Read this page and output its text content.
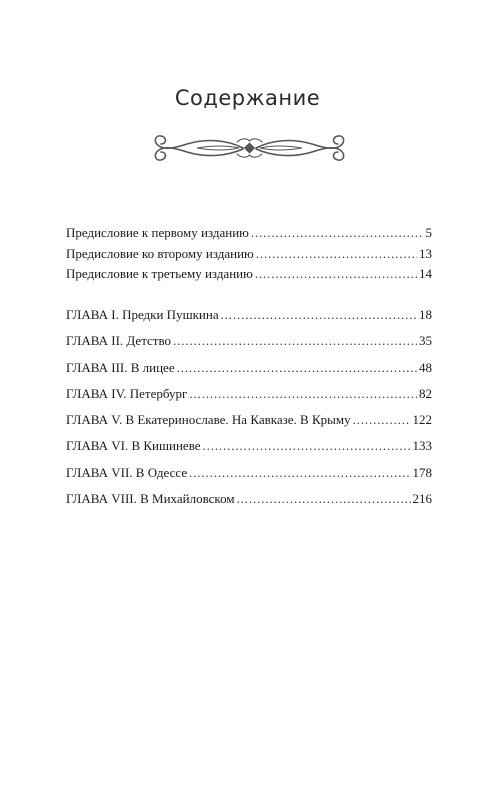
Содержание
Предисловие к первому изданию . . .	5
Предисловие ко второму изданию . . .	13
Предисловие к третьему изданию . . .	14
ГЛАВА I. Предки Пушкина . . .	18
ГЛАВА II. Детство . . .	35
ГЛАВА III. В лицее . . .	48
ГЛАВА IV. Петербург . . .	82
ГЛАВА V. В Екатеринославе. На Кавказе. В Крыму . . .	122
ГЛАВА VI. В Кишиневе . . .	133
ГЛАВА VII. В Одессе . . .	178
ГЛАВА VIII. В Михайловском . . .	216
